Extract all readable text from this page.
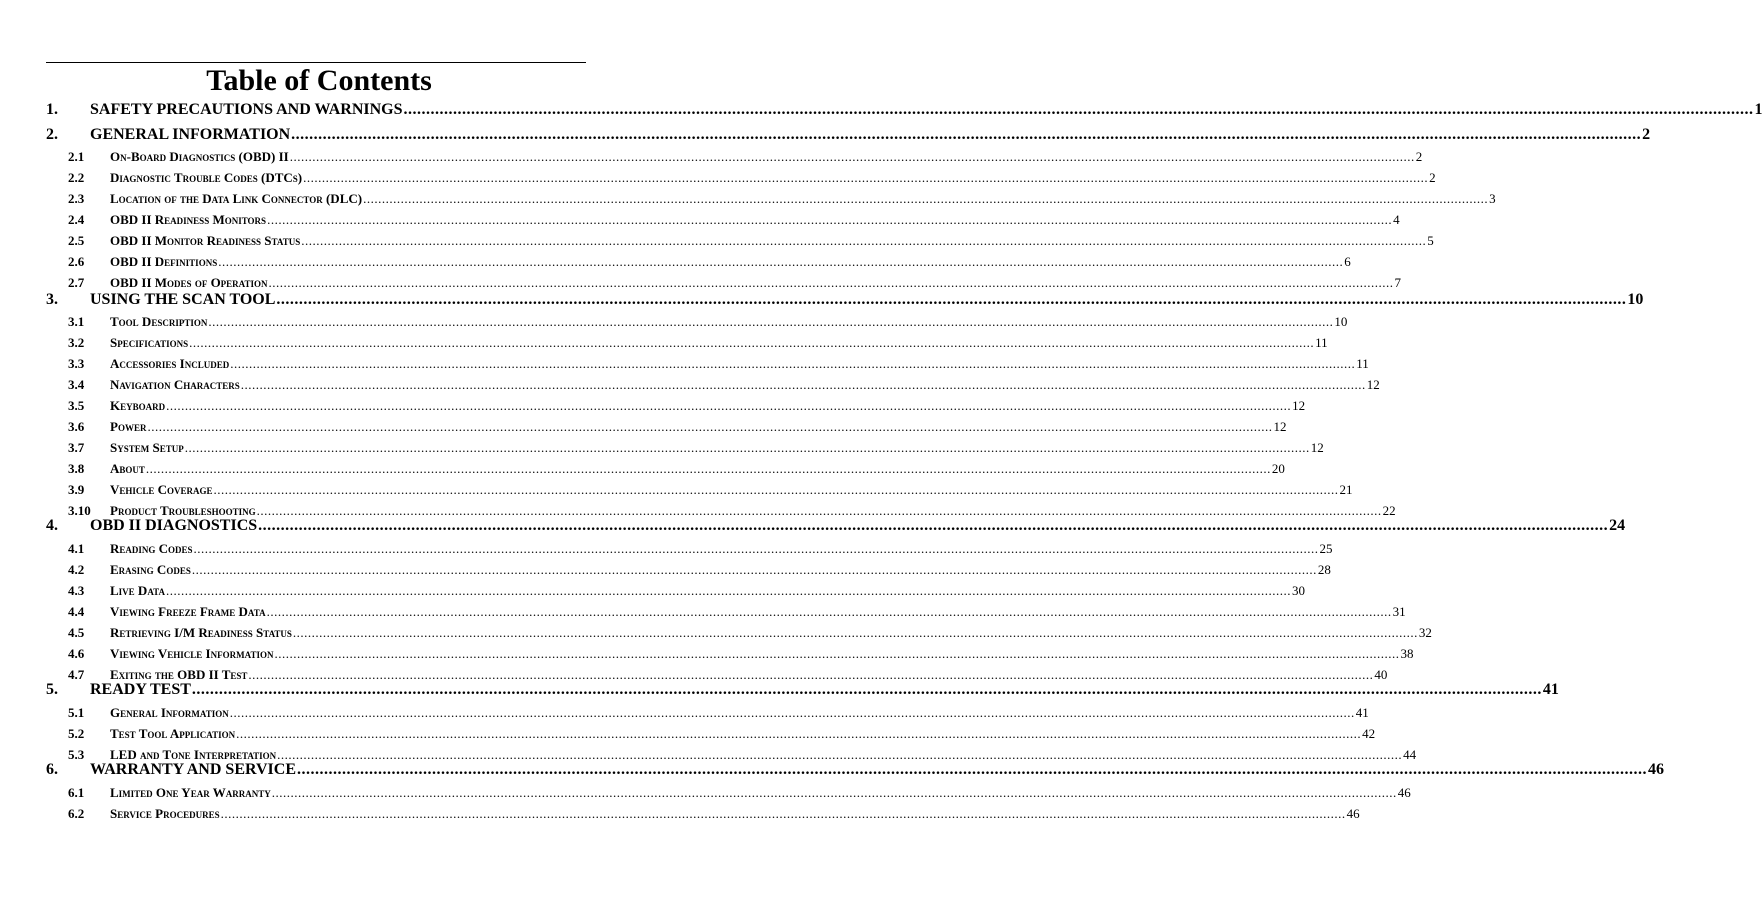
Table of Contents
1.	SAFETY PRECAUTIONS AND WARNINGS ............................................................................................................................................................................................................................................................................................................ 1
2.	GENERAL INFORMATION ............................................................................................................................................................................................................................................................................................................ 2
2.1	On-Board Diagnostics (OBD) II ............................................................................................................................................................................................................................................................................................................ 2
2.2	Diagnostic Trouble Codes (DTCs) ............................................................................................................................................................................................................................................................................................................ 2
2.3	Location of the Data Link Connector (DLC) ............................................................................................................................................................................................................................................................................................................ 3
2.4	OBD II Readiness Monitors ............................................................................................................................................................................................................................................................................................................ 4
2.5	OBD II Monitor Readiness Status ............................................................................................................................................................................................................................................................................................................ 5
2.6	OBD II Definitions ............................................................................................................................................................................................................................................................................................................ 6
2.7	OBD II Modes of Operation ............................................................................................................................................................................................................................................................................................................ 7
3.	USING THE SCAN TOOL ............................................................................................................................................................................................................................................................................................................ 10
3.1	Tool Description ............................................................................................................................................................................................................................................................................................................ 10
3.2	Specifications ............................................................................................................................................................................................................................................................................................................ 11
3.3	Accessories Included ............................................................................................................................................................................................................................................................................................................ 11
3.4	Navigation Characters ............................................................................................................................................................................................................................................................................................................ 12
3.5	Keyboard ............................................................................................................................................................................................................................................................................................................ 12
3.6	Power ............................................................................................................................................................................................................................................................................................................ 12
3.7	System Setup ............................................................................................................................................................................................................................................................................................................ 12
3.8	About ............................................................................................................................................................................................................................................................................................................ 20
3.9	Vehicle Coverage ............................................................................................................................................................................................................................................................................................................ 21
3.10	Product Troubleshooting ............................................................................................................................................................................................................................................................................................................ 22
4.	OBD II DIAGNOSTICS ............................................................................................................................................................................................................................................................................................................ 24
4.1	Reading Codes ............................................................................................................................................................................................................................................................................................................ 25
4.2	Erasing Codes ............................................................................................................................................................................................................................................................................................................ 28
4.3	Live Data ............................................................................................................................................................................................................................................................................................................ 30
4.4	Viewing Freeze Frame Data ............................................................................................................................................................................................................................................................................................................ 31
4.5	Retrieving I/M Readiness Status ............................................................................................................................................................................................................................................................................................................ 32
4.6	Viewing Vehicle Information ............................................................................................................................................................................................................................................................................................................ 38
4.7	Exiting the OBD II Test ............................................................................................................................................................................................................................................................................................................ 40
5.	READY TEST ............................................................................................................................................................................................................................................................................................................ 41
5.1	General Information ............................................................................................................................................................................................................................................................................................................ 41
5.2	Test Tool Application ............................................................................................................................................................................................................................................................................................................ 42
5.3	LED and Tone Interpretation ............................................................................................................................................................................................................................................................................................................ 44
6.	WARRANTY AND SERVICE ............................................................................................................................................................................................................................................................................................................ 46
6.1	Limited One Year Warranty ............................................................................................................................................................................................................................................................................................................ 46
6.2	Service Procedures ............................................................................................................................................................................................................................................................................................................ 46
